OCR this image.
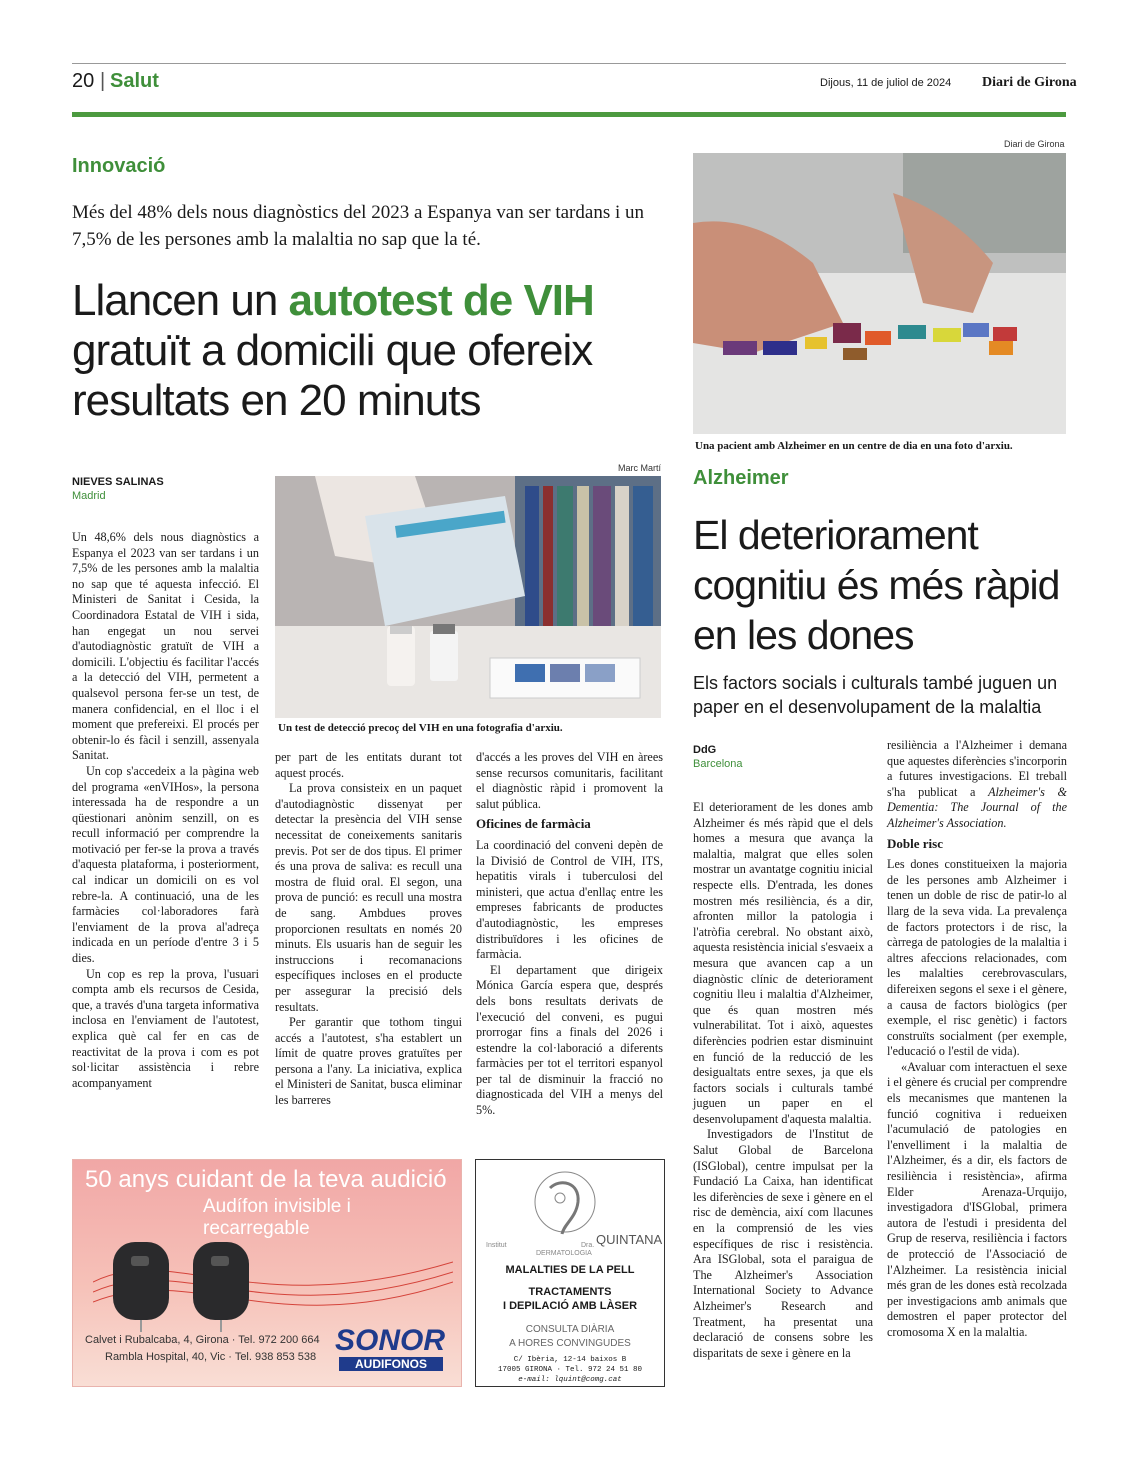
20 | Salut	Dijous, 11 de juliol de 2024 Diari de Girona
Innovació
Més del 48% dels nous diagnòstics del 2023 a Espanya van ser tardans i un 7,5% de les persones amb la malaltia no sap que la té.
Llancen un autotest de VIH gratuït a domicili que ofereix resultats en 20 minuts
NIEVES SALINAS
Madrid
Marc Martí
Un test de detecció precoç del VIH en una fotografia d'arxiu.

Un 48,6% dels nous diagnòstics a Espanya el 2023 van ser tardans i un 7,5% de les persones amb la malaltia no sap que té aquesta infecció. El Ministeri de Sanitat i Cesida, la Coordinadora Estatal de VIH i sida, han engegat un nou servei d'autodiagnòstic gratuït de VIH a domicili. L'objectiu és facilitar l'accés a la detecció del VIH, permetent a qualsevol persona fer-se un test, de manera confidencial, en el lloc i el moment que prefereixi. El procés per obtenir-lo és fàcil i senzill, assenyala Sanitat.

Un cop s'accedeix a la pàgina web del programa «enVIHos», la persona interessada ha de respondre a un qüestionari anònim senzill, on es recull informació per comprendre la motivació per fer-se la prova a través d'aquesta plataforma, i posteriorment, cal indicar un domicili on es vol rebre-la. A continuació, una de les farmàcies col·laboradores farà l'enviament de la prova al'adreça indicada en un període d'entre 3 i 5 dies.

Un cop es rep la prova, l'usuari compta amb els recursos de Cesida, que, a través d'una targeta informativa inclosa en l'enviament de l'autotest, explica què cal fer en cas de reactivitat de la prova i com es pot sol·licitar assistència i rebre acompanyament

per part de les entitats durant tot aquest procés.

La prova consisteix en un paquet d'autodiagnòstic dissenyat per detectar la presència del VIH sense necessitat de coneixements sanitaris previs. Pot ser de dos tipus. El primer és una prova de saliva: es recull una mostra de fluid oral. El segon, una prova de punció: es recull una mostra de sang. Ambdues proves proporcionen resultats en només 20 minuts. Els usuaris han de seguir les instruccions i recomanacions específiques incloses en el producte per assegurar la precisió dels resultats.

Per garantir que tothom tingui accés a l'autotest, s'ha establert un límit de quatre proves gratuïtes per persona a l'any. La iniciativa, explica el Ministeri de Sanitat, busca eliminar les barreres

d'accés a les proves del VIH en àrees sense recursos comunitaris, facilitant el diagnòstic ràpid i promovent la salut pública.

Oficines de farmàcia

La coordinació del conveni depèn de la Divisió de Control de VIH, ITS, hepatitis virals i tuberculosi del ministeri, que actua d'enllaç entre les empreses fabricants de productes d'autodiagnòstic, les empreses distribuïdores i les oficines de farmàcia.

El departament que dirigeix Mónica García espera que, després dels bons resultats derivats de l'execució del conveni, es pugui prorrogar fins a finals del 2026 i estendre la col·laboració a diferents farmàcies per tot el territori espanyol per tal de disminuir la fracció no diagnosticada del VIH a menys del 5%.

Diari de Girona
Una pacient amb Alzheimer en un centre de dia en una foto d'arxiu.
Alzheimer
El deteriorament cognitiu és més ràpid en les dones
Els factors socials i culturals també juguen un paper en el desenvolupament de la malaltia
DdG
Barcelona

El deteriorament de les dones amb Alzheimer és més ràpid que el dels homes a mesura que avança la malaltia, malgrat que elles solen mostrar un avantatge cognitiu inicial respecte ells. D'entrada, les dones mostren més resiliència, és a dir, afronten millor la patologia i l'atròfia cerebral. No obstant això, aquesta resistència inicial s'esvaeix a mesura que avancen cap a un diagnòstic clínic de deteriorament cognitiu lleu i malaltia d'Alzheimer, que és quan mostren més vulnerabilitat. Tot i això, aquestes diferències podrien estar disminuint en funció de la reducció de les desigualtats entre sexes, ja que els factors socials i culturals també juguen un paper en el desenvolupament d'aquesta malaltia.

Investigadors de l'Institut de Salut Global de Barcelona (ISGlobal), centre impulsat per la Fundació La Caixa, han identificat les diferències de sexe i gènere en el risc de demència, així com llacunes en la comprensió de les vies específiques de risc i resistència. Ara ISGlobal, sota el paraigua de The Alzheimer's Association International Society to Advance Alzheimer's Research and Treatment, ha presentat una declaració de consens sobre les disparitats de sexe i gènere en la

resiliència a l'Alzheimer i demana que aquestes diferències s'incorporin a futures investigacions. El treball s'ha publicat a Alzheimer's & Dementia: The Journal of the Alzheimer's Association.

Doble risc

Les dones constitueixen la majoria de les persones amb Alzheimer i tenen un doble de risc de patir-lo al llarg de la seva vida. La prevalença de factors protectors i de risc, la càrrega de patologies de la malaltia i altres afeccions relacionades, com les malalties cerebrovasculars, difereixen segons el sexe i el gènere, a causa de factors biològics (per exemple, el risc genètic) i factors construïts socialment (per exemple, l'educació o l'estil de vida).

«Avaluar com interactuen el sexe i el gènere és crucial per comprendre els mecanismes que mantenen la funció cognitiva i redueixen l'acumulació de patologies en l'envelliment i la malaltia de l'Alzheimer, és a dir, els factors de resiliència i resistència», afirma Elder Arenaza-Urquijo, investigadora d'ISGlobal, primera autora de l'estudi i presidenta del Grup de reserva, resiliència i factors de protecció de l'Associació de l'Alzheimer. La resistència inicial més gran de les dones està recolzada per investigacions amb animals que demostren el paper protector del cromosoma X en la malaltia.

50 anys cuidant de la teva audició
Audífon invisible i recarregable
Calvet i Rubalcaba, 4, Girona · Tel. 972 200 664
Rambla Hospital, 40, Vic · Tel. 938 853 538 SONOR
AUDIFONOS
Institut	Dra. QUINTANA
DERMATOLOGIA
MALALTIES DE LA PELL
TRACTAMENTS
I DEPILACIÓ AMB LÀSER
CONSULTA DIÀRIA
A HORES CONVINGUDES
C/ Ibèria, 12-14 baixos B
17005 GIRONA · Tel. 972 24 51 80
e-mail: lquint@comg.cat
